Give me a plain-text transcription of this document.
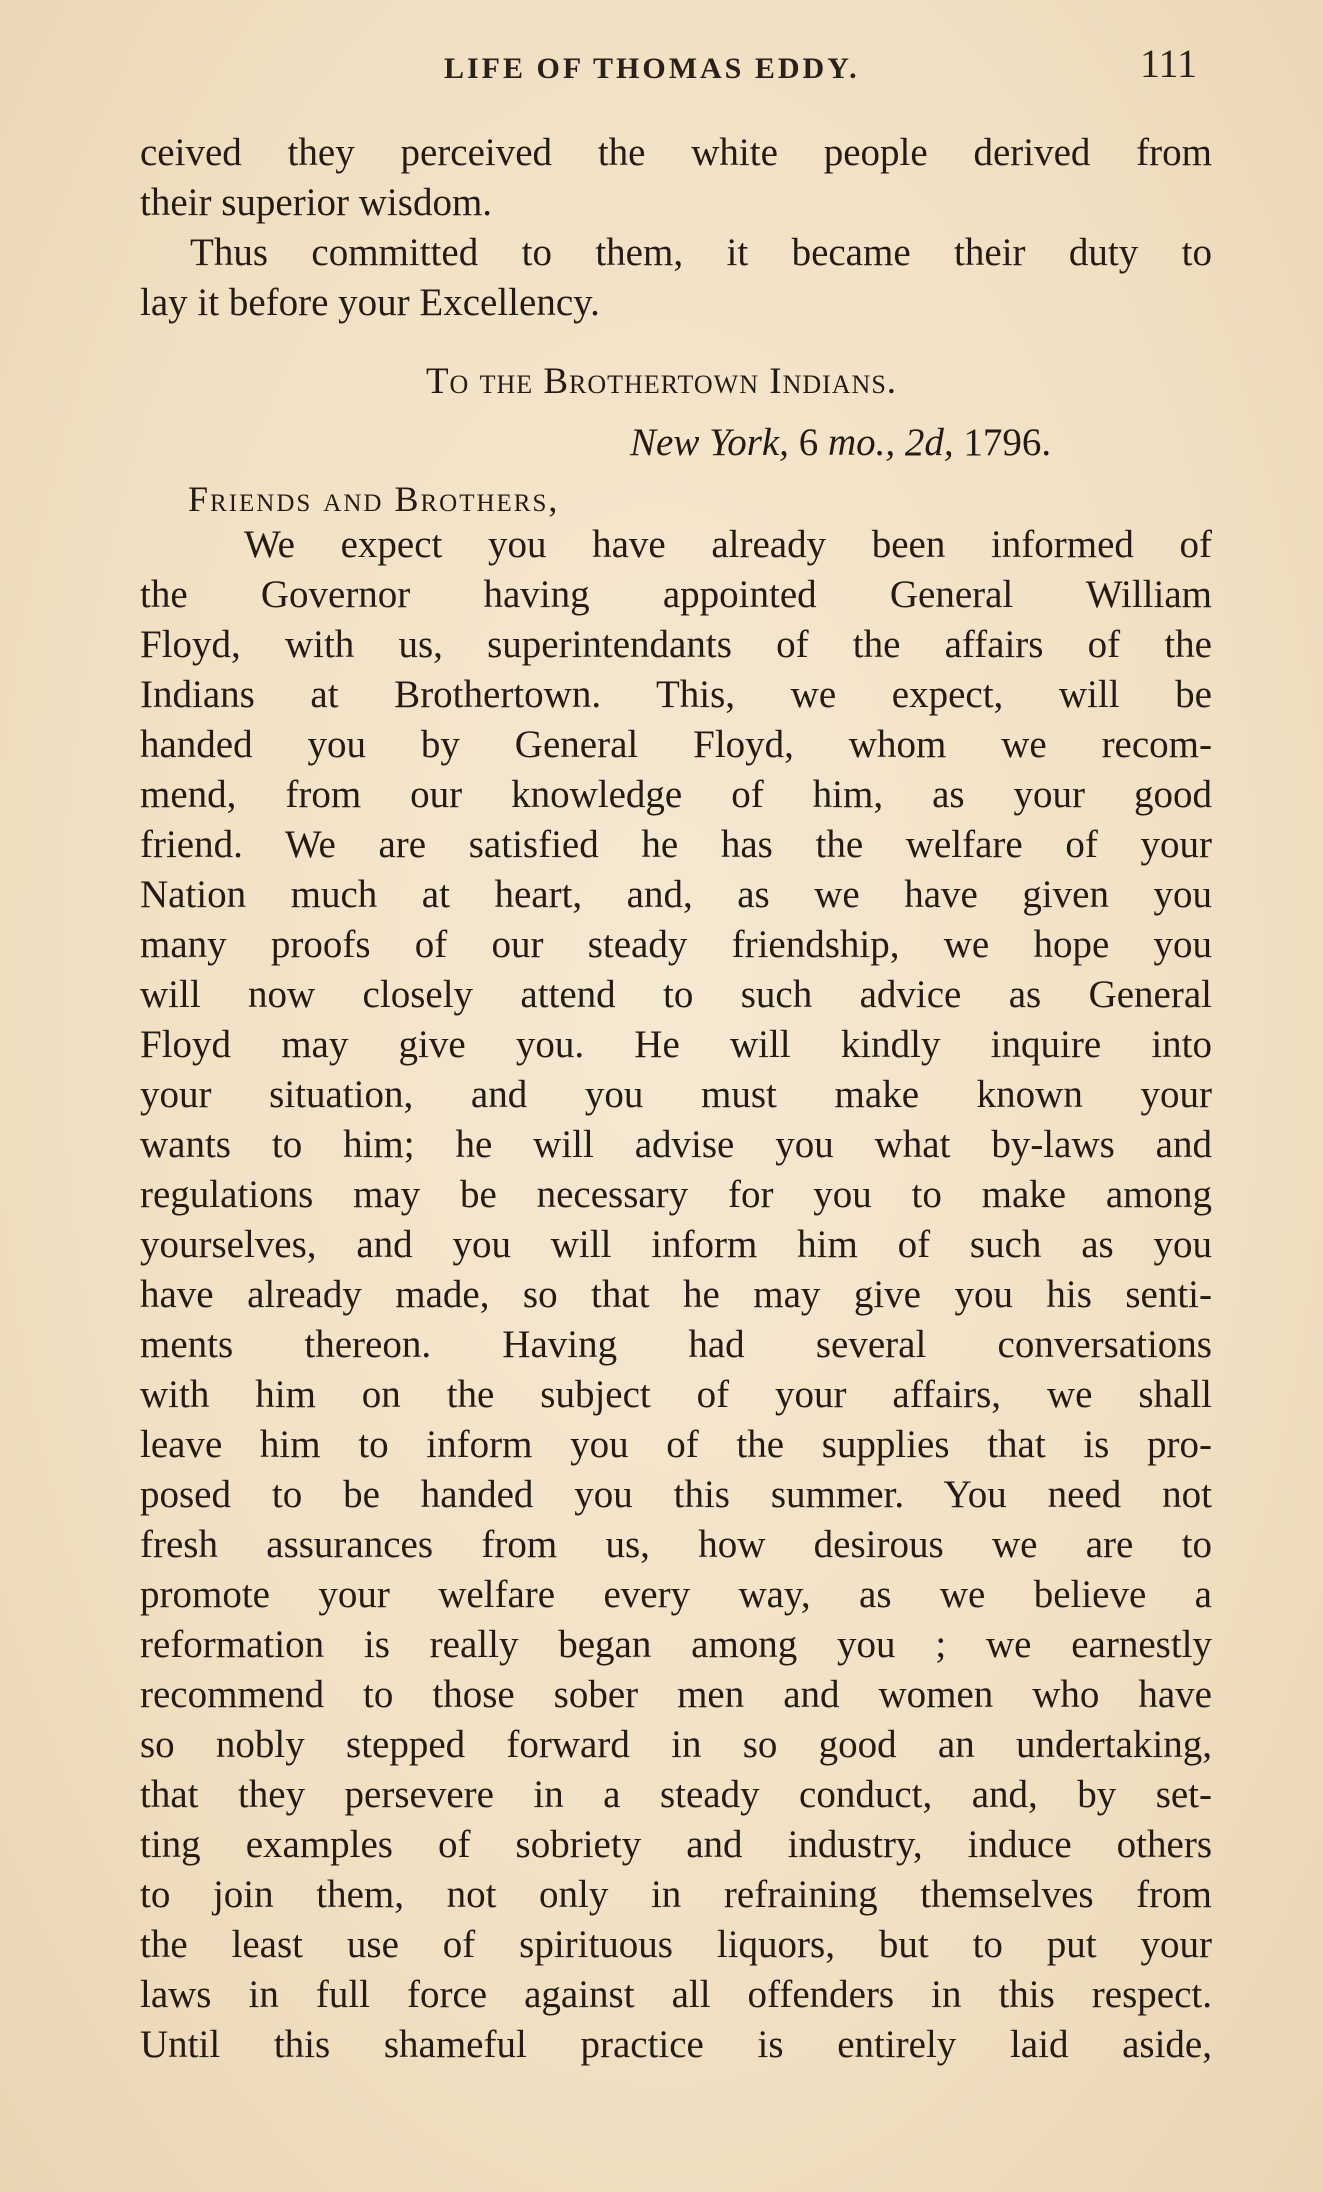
LIFE OF THOMAS EDDY.	111
ceived they perceived the white people derived from
their superior wisdom.
Thus committed to them, it became their duty to
lay it before your Excellency.
To the Brothertown Indians.
New York, 6 mo., 2d, 1796.
Friends and Brothers,
We expect you have already been informed of
the Governor having appointed General William
Floyd, with us, superintendants of the affairs of the
Indians at Brothertown. This, we expect, will be
handed you by General Floyd, whom we recom-
mend, from our knowledge of him, as your good
friend. We are satisfied he has the welfare of your
Nation much at heart, and, as we have given you
many proofs of our steady friendship, we hope you
will now closely attend to such advice as General
Floyd may give you. He will kindly inquire into
your situation, and you must make known your
wants to him; he will advise you what by-laws and
regulations may be necessary for you to make among
yourselves, and you will inform him of such as you
have already made, so that he may give you his senti-
ments thereon. Having had several conversations
with him on the subject of your affairs, we shall
leave him to inform you of the supplies that is pro-
posed to be handed you this summer. You need not
fresh assurances from us, how desirous we are to
promote your welfare every way, as we believe a
reformation is really began among you ; we earnestly
recommend to those sober men and women who have
so nobly stepped forward in so good an undertaking,
that they persevere in a steady conduct, and, by set-
ting examples of sobriety and industry, induce others
to join them, not only in refraining themselves from
the least use of spirituous liquors, but to put your
laws in full force against all offenders in this respect.
Until this shameful practice is entirely laid aside,
